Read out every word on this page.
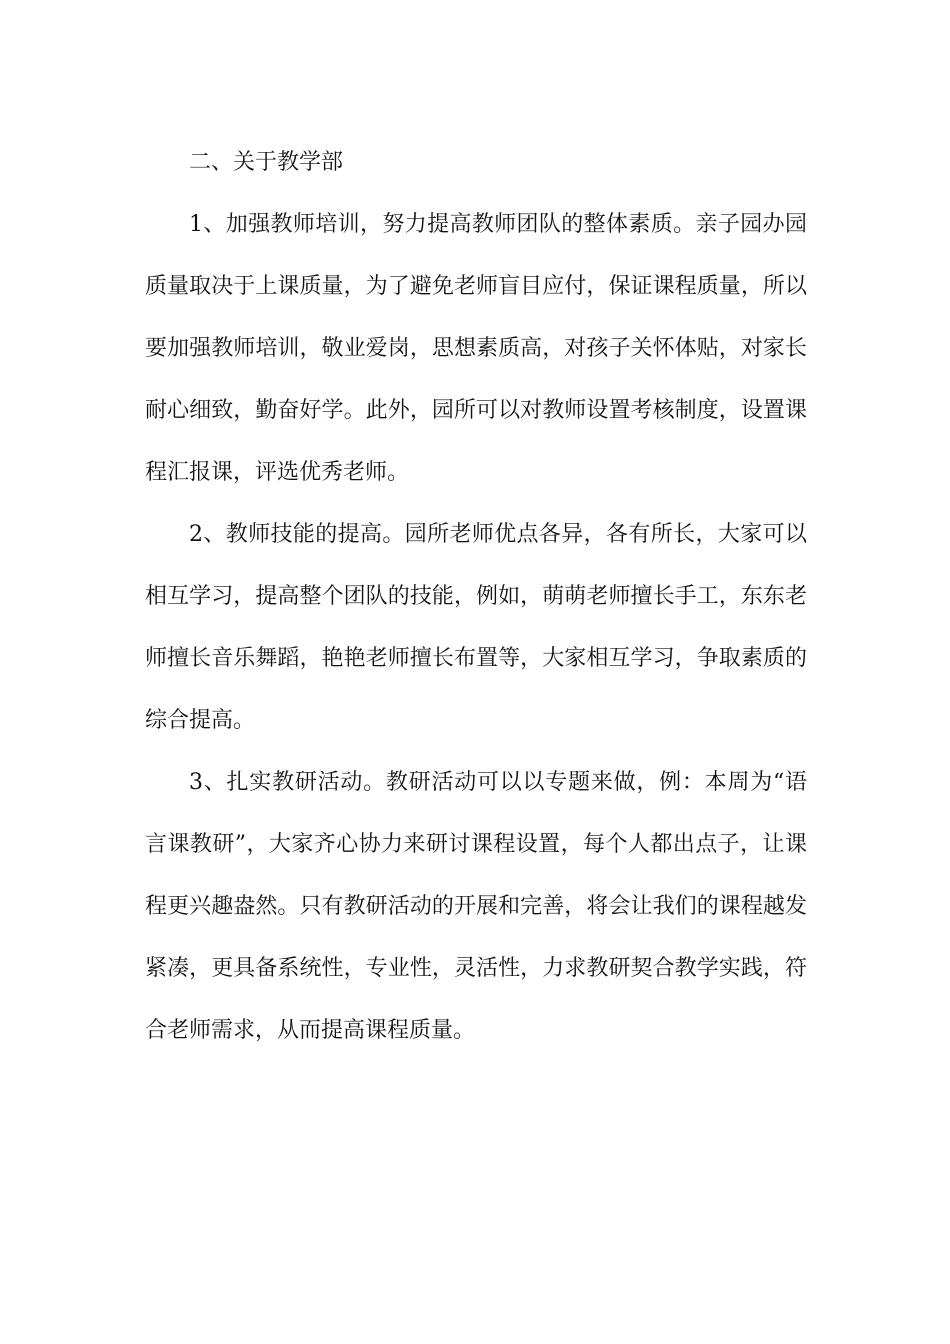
二、关于教学部

1、加强教师培训，努力提高教师团队的整体素质。亲子园办园质量取决于上课质量，为了避免老师盲目应付，保证课程质量，所以要加强教师培训，敬业爱岗，思想素质高，对孩子关怀体贴，对家长耐心细致，勤奋好学。此外，园所可以对教师设置考核制度，设置课程汇报课，评选优秀老师。

2、教师技能的提高。园所老师优点各异，各有所长，大家可以相互学习，提高整个团队的技能，例如，萌萌老师擅长手工，东东老师擅长音乐舞蹈，艳艳老师擅长布置等，大家相互学习，争取素质的综合提高。

3、扎实教研活动。教研活动可以以专题来做，例：本周为“语言课教研”，大家齐心协力来研讨课程设置，每个人都出点子，让课程更兴趣盎然。只有教研活动的开展和完善，将会让我们的课程越发紧凑，更具备系统性，专业性，灵活性，力求教研契合教学实践，符合老师需求，从而提高课程质量。
